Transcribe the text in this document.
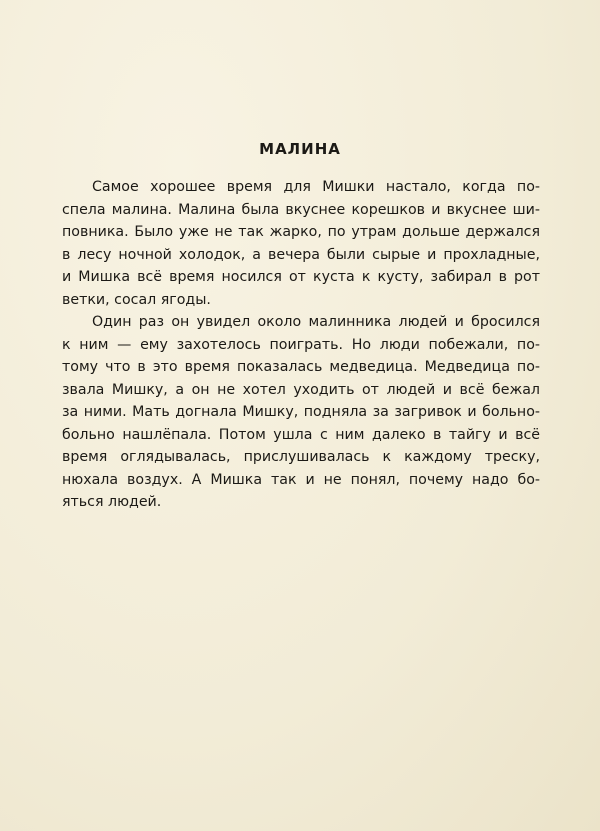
МАЛИНА

Самое хорошее время для Мишки настало, когда по-
спела малина. Малина была вкуснее корешков и вкуснее ши-
повника. Было уже не так жарко, по утрам дольше держался
в лесу ночной холодок, а вечера были сырые и прохладные,
и Мишка всё время носился от куста к кусту, забирал в рот
ветки, сосал ягоды.

Один раз он увидел около малинника людей и бросился
к ним — ему захотелось поиграть. Но люди побежали, по-
тому что в это время показалась медведица. Медведица по-
звала Мишку, а он не хотел уходить от людей и всё бежал
за ними. Мать догнала Мишку, подняла за загривок и больно-
больно нашлёпала. Потом ушла с ним далеко в тайгу и всё
время оглядывалась, прислушивалась к каждому треску,
нюхала воздух. А Мишка так и не понял, почему надо бо-
яться людей.
